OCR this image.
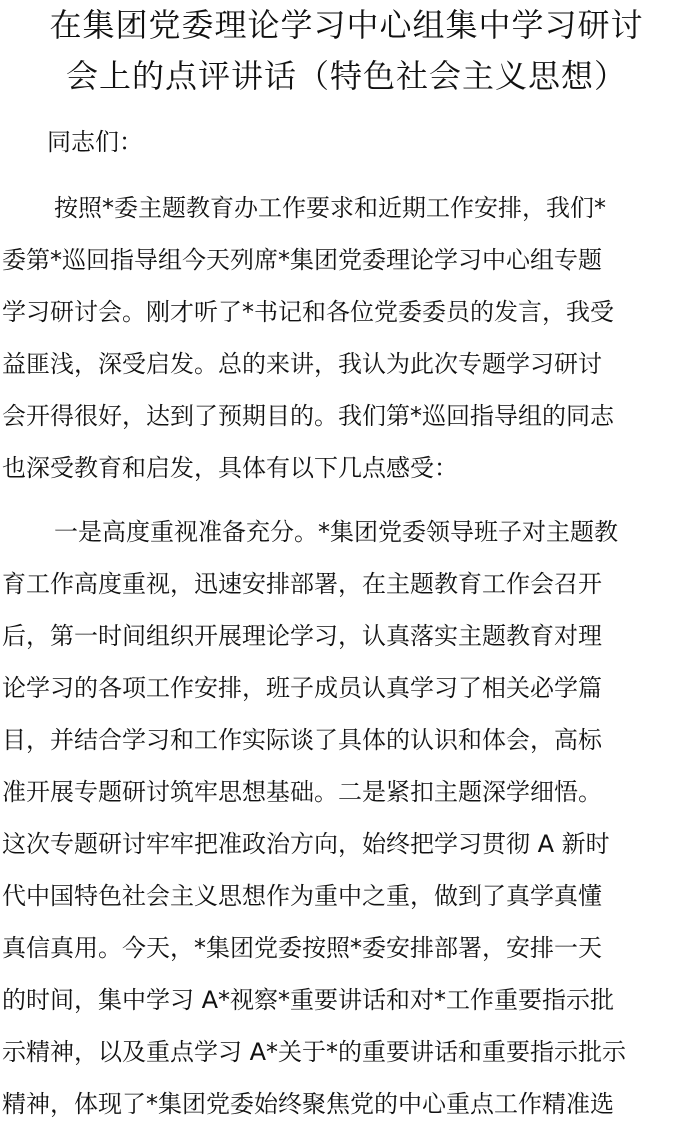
在集团党委理论学习中心组集中学习研讨
会上的点评讲话（特色社会主义思想）
同志们：
按照*委主题教育办工作要求和近期工作安排，我们*
委第*巡回指导组今天列席*集团党委理论学习中心组专题
学习研讨会。刚才听了*书记和各位党委委员的发言，我受
益匪浅，深受启发。总的来讲，我认为此次专题学习研讨
会开得很好，达到了预期目的。我们第*巡回指导组的同志
也深受教育和启发，具体有以下几点感受：
一是高度重视准备充分。*集团党委领导班子对主题教
育工作高度重视，迅速安排部署，在主题教育工作会召开
后，第一时间组织开展理论学习，认真落实主题教育对理
论学习的各项工作安排，班子成员认真学习了相关必学篇
目，并结合学习和工作实际谈了具体的认识和体会，高标
准开展专题研讨筑牢思想基础。二是紧扣主题深学细悟。
这次专题研讨牢牢把准政治方向，始终把学习贯彻 A 新时
代中国特色社会主义思想作为重中之重，做到了真学真懂
真信真用。今天，*集团党委按照*委安排部署，安排一天
的时间，集中学习 A*视察*重要讲话和对*工作重要指示批
示精神，以及重点学习 A*关于*的重要讲话和重要指示批示
精神，体现了*集团党委始终聚焦党的中心重点工作精准选
